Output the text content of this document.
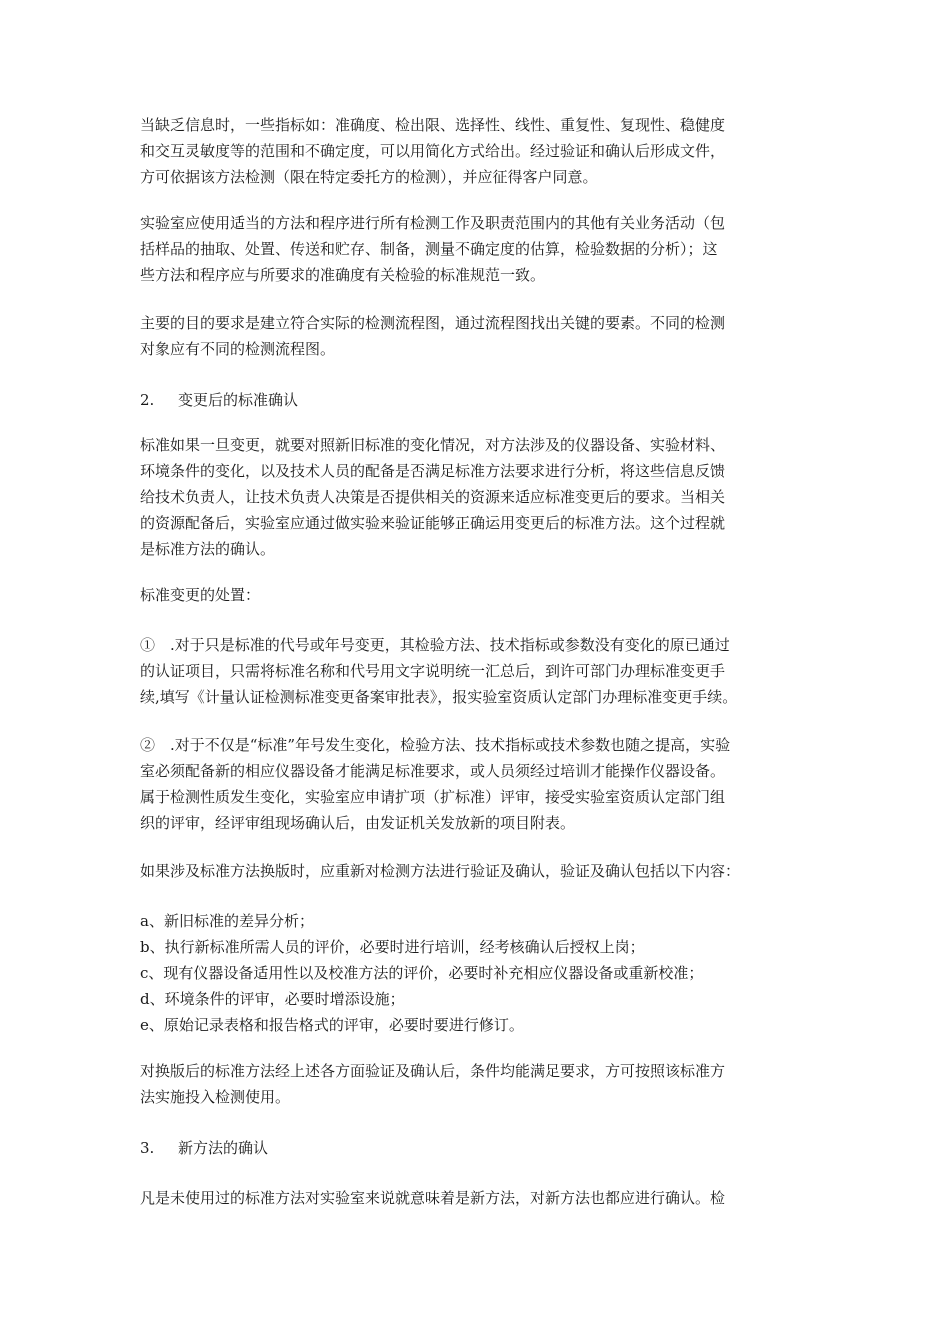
当缺乏信息时，一些指标如：准确度、检出限、选择性、线性、重复性、复现性、稳健度
和交互灵敏度等的范围和不确定度，可以用简化方式给出。经过验证和确认后形成文件，
方可依据该方法检测（限在特定委托方的检测），并应征得客户同意。
实验室应使用适当的方法和程序进行所有检测工作及职责范围内的其他有关业务活动（包
括样品的抽取、处置、传送和贮存、制备，测量不确定度的估算，检验数据的分析）；这
些方法和程序应与所要求的准确度有关检验的标准规范一致。
主要的目的要求是建立符合实际的检测流程图，通过流程图找出关键的要素。不同的检测
对象应有不同的检测流程图。
2.	变更后的标准确认
标准如果一旦变更，就要对照新旧标准的变化情况，对方法涉及的仪器设备、实验材料、
环境条件的变化，以及技术人员的配备是否满足标准方法要求进行分析，将这些信息反馈
给技术负责人，让技术负责人决策是否提供相关的资源来适应标准变更后的要求。当相关
的资源配备后，实验室应通过做实验来验证能够正确运用变更后的标准方法。这个过程就
是标准方法的确认。
标准变更的处置：
①　.对于只是标准的代号或年号变更，其检验方法、技术指标或参数没有变化的原已通过
的认证项目，只需将标准名称和代号用文字说明统一汇总后，到许可部门办理标准变更手
续,填写《计量认证检测标准变更备案审批表》，报实验室资质认定部门办理标准变更手续。
②　.对于不仅是“标准”年号发生变化，检验方法、技术指标或技术参数也随之提高，实验
室必须配备新的相应仪器设备才能满足标准要求，或人员须经过培训才能操作仪器设备。
属于检测性质发生变化，实验室应申请扩项（扩标准）评审，接受实验室资质认定部门组
织的评审，经评审组现场确认后，由发证机关发放新的项目附表。
如果涉及标准方法换版时，应重新对检测方法进行验证及确认，验证及确认包括以下内容：
a、新旧标准的差异分析；
b、执行新标准所需人员的评价，必要时进行培训，经考核确认后授权上岗；
c、现有仪器设备适用性以及校准方法的评价，必要时补充相应仪器设备或重新校准；
d、环境条件的评审，必要时增添设施；
e、原始记录表格和报告格式的评审，必要时要进行修订。
对换版后的标准方法经上述各方面验证及确认后，条件均能满足要求，方可按照该标准方
法实施投入检测使用。
3.	新方法的确认
凡是未使用过的标准方法对实验室来说就意味着是新方法，对新方法也都应进行确认。检
